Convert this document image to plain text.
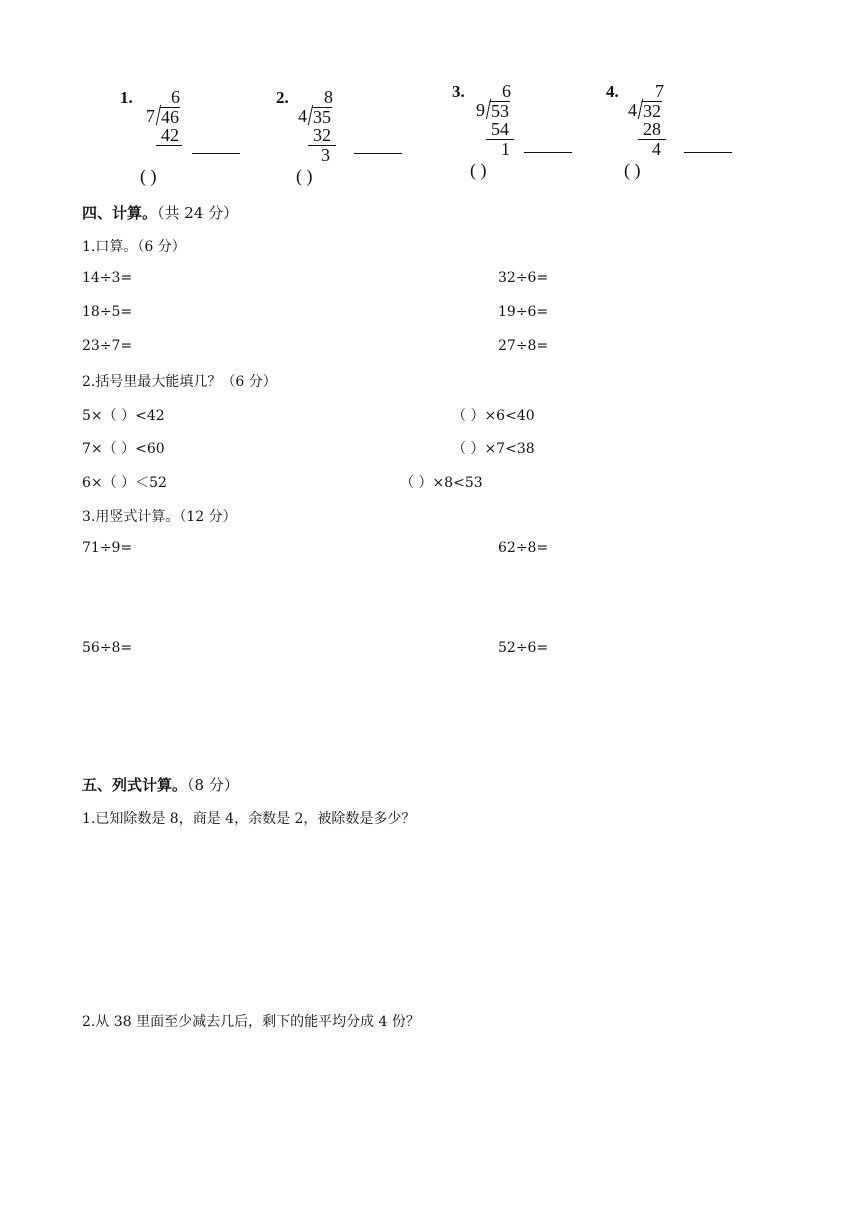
1. 6
7 46
42
( )
2. 8
4 35
32
3
( )
3. 6
9 53
54
1
( )
4. 7
4 32
28
4
( )
四、计算。（共 24 分）
1.口算。（6 分）
14÷3=	32÷6=
18÷5=	19÷6=
23÷7=	27÷8=
2.括号里最大能填几？（6 分）
5×（ ）<42	（ ）×6<40
7×（ ）<60	（ ）×7<38
6×（ ）＜52	（ ）×8<53
3.用竖式计算。（12 分）
71÷9=	62÷8=
56÷8=	52÷6=
五、列式计算。（8 分）
1.已知除数是 8，商是 4，余数是 2，被除数是多少？
2.从 38 里面至少减去几后，剩下的能平均分成 4 份？
